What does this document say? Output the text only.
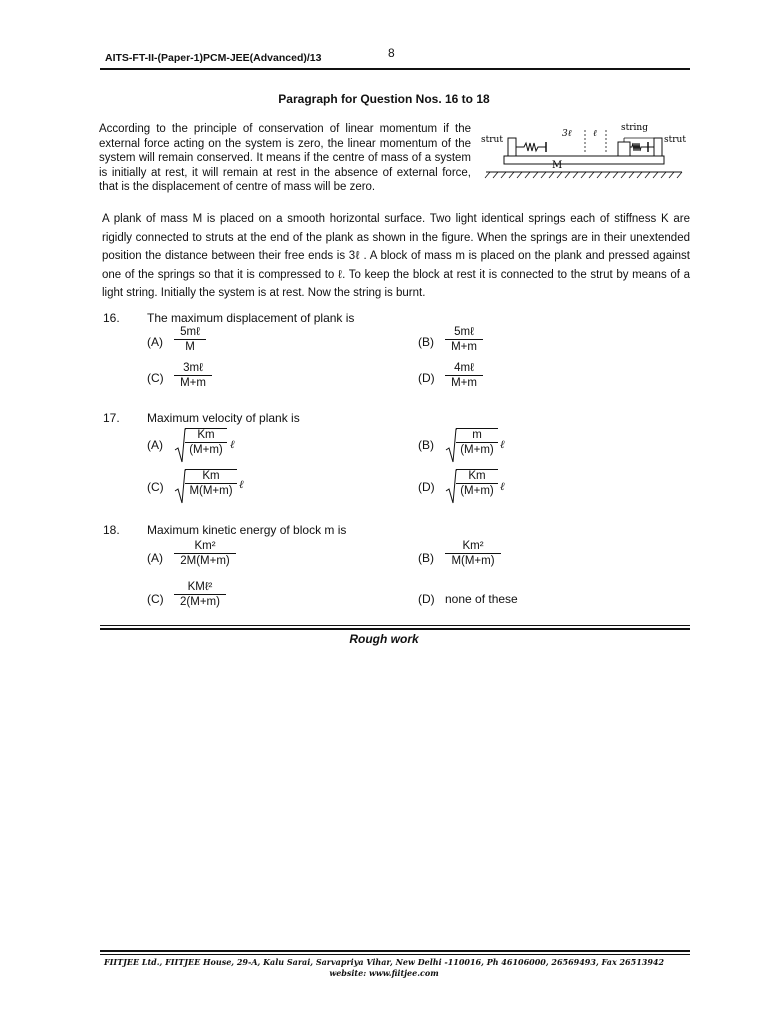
AITS-FT-II-(Paper-1)PCM-JEE(Advanced)/13	8
Paragraph for Question Nos. 16 to 18
According to the principle of conservation of linear momentum if the external force acting on the system is zero, the linear momentum of the system will remain conserved. It means if the centre of mass of a system is initially at rest, it will remain at rest in the absence of external force, that is the displacement of centre of mass will be zero.
strut	strut
string
3ℓ ℓ
M
A plank of mass M is placed on a smooth horizontal surface. Two light identical springs each of stiffness K are rigidly connected to struts at the end of the plank as shown in the figure. When the springs are in their unextended position the distance between their free ends is 3ℓ . A block of mass m is placed on the plank and pressed against one of the springs so that it is compressed to ℓ. To keep the block at rest it is connected to the strut by means of a light string. Initially the system is at rest. Now the string is burnt.
16. The maximum displacement of plank is
(A)
5mℓ
M	(B)
5mℓ
M+m
(C)
3mℓ
M+m	(D)
4mℓ
M+m
17. Maximum velocity of plank is
(A)
Km
(M+m) ℓ	(B)
m
(M+m) ℓ
(C)
Km
M(M+m) ℓ	(D)
Km
(M+m) ℓ
18. Maximum kinetic energy of block m is
(A)
Km²
2M(M+m)	(B)
Km²
M(M+m)
(C)
KMℓ²
2(M+m)	(D) none of these
Rough work
FIITJEE Ltd., FIITJEE House, 29-A, Kalu Sarai, Sarvapriya Vihar, New Delhi -110016, Ph 46106000, 26569493, Fax 26513942
website: www.fiitjee.com
